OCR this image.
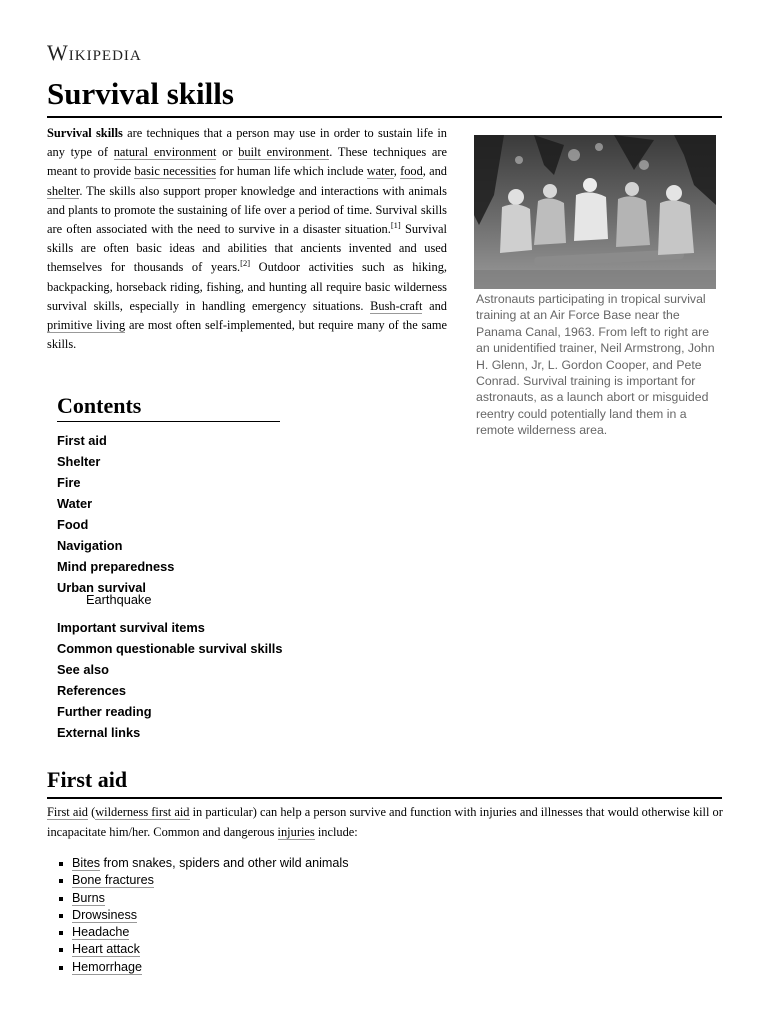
Wikipedia
Survival skills

Survival skills are techniques that a person may use in order to sustain life in any type of natural environment or built environment. These techniques are meant to provide basic necessities for human life which include water, food, and shelter. The skills also support proper knowledge and interactions with animals and plants to promote the sustaining of life over a period of time. Survival skills are often associated with the need to survive in a disaster situation.[1] Survival skills are often basic ideas and abilities that ancients invented and used themselves for thousands of years.[2] Outdoor activities such as hiking, backpacking, horseback riding, fishing, and hunting all require basic wilderness survival skills, especially in handling emergency situations. Bush-craft and primitive living are most often self-implemented, but require many of the same skills.

Astronauts participating in tropical survival training at an Air Force Base near the Panama Canal, 1963. From left to right are an unidentified trainer, Neil Armstrong, John H. Glenn, Jr, L. Gordon Cooper, and Pete Conrad. Survival training is important for astronauts, as a launch abort or misguided reentry could potentially land them in a remote wilderness area.
Contents
First aid
Shelter
Fire
Water
Food
Navigation
Mind preparedness
Urban survival
Earthquake
Important survival items
Common questionable survival skills
See also
References
Further reading
External links
First aid

First aid (wilderness first aid in particular) can help a person survive and function with injuries and illnesses that would otherwise kill or incapacitate him/her. Common and dangerous injuries include:

Bites from snakes, spiders and other wild animals
Bone fractures
Burns
Drowsiness
Headache
Heart attack
Hemorrhage
